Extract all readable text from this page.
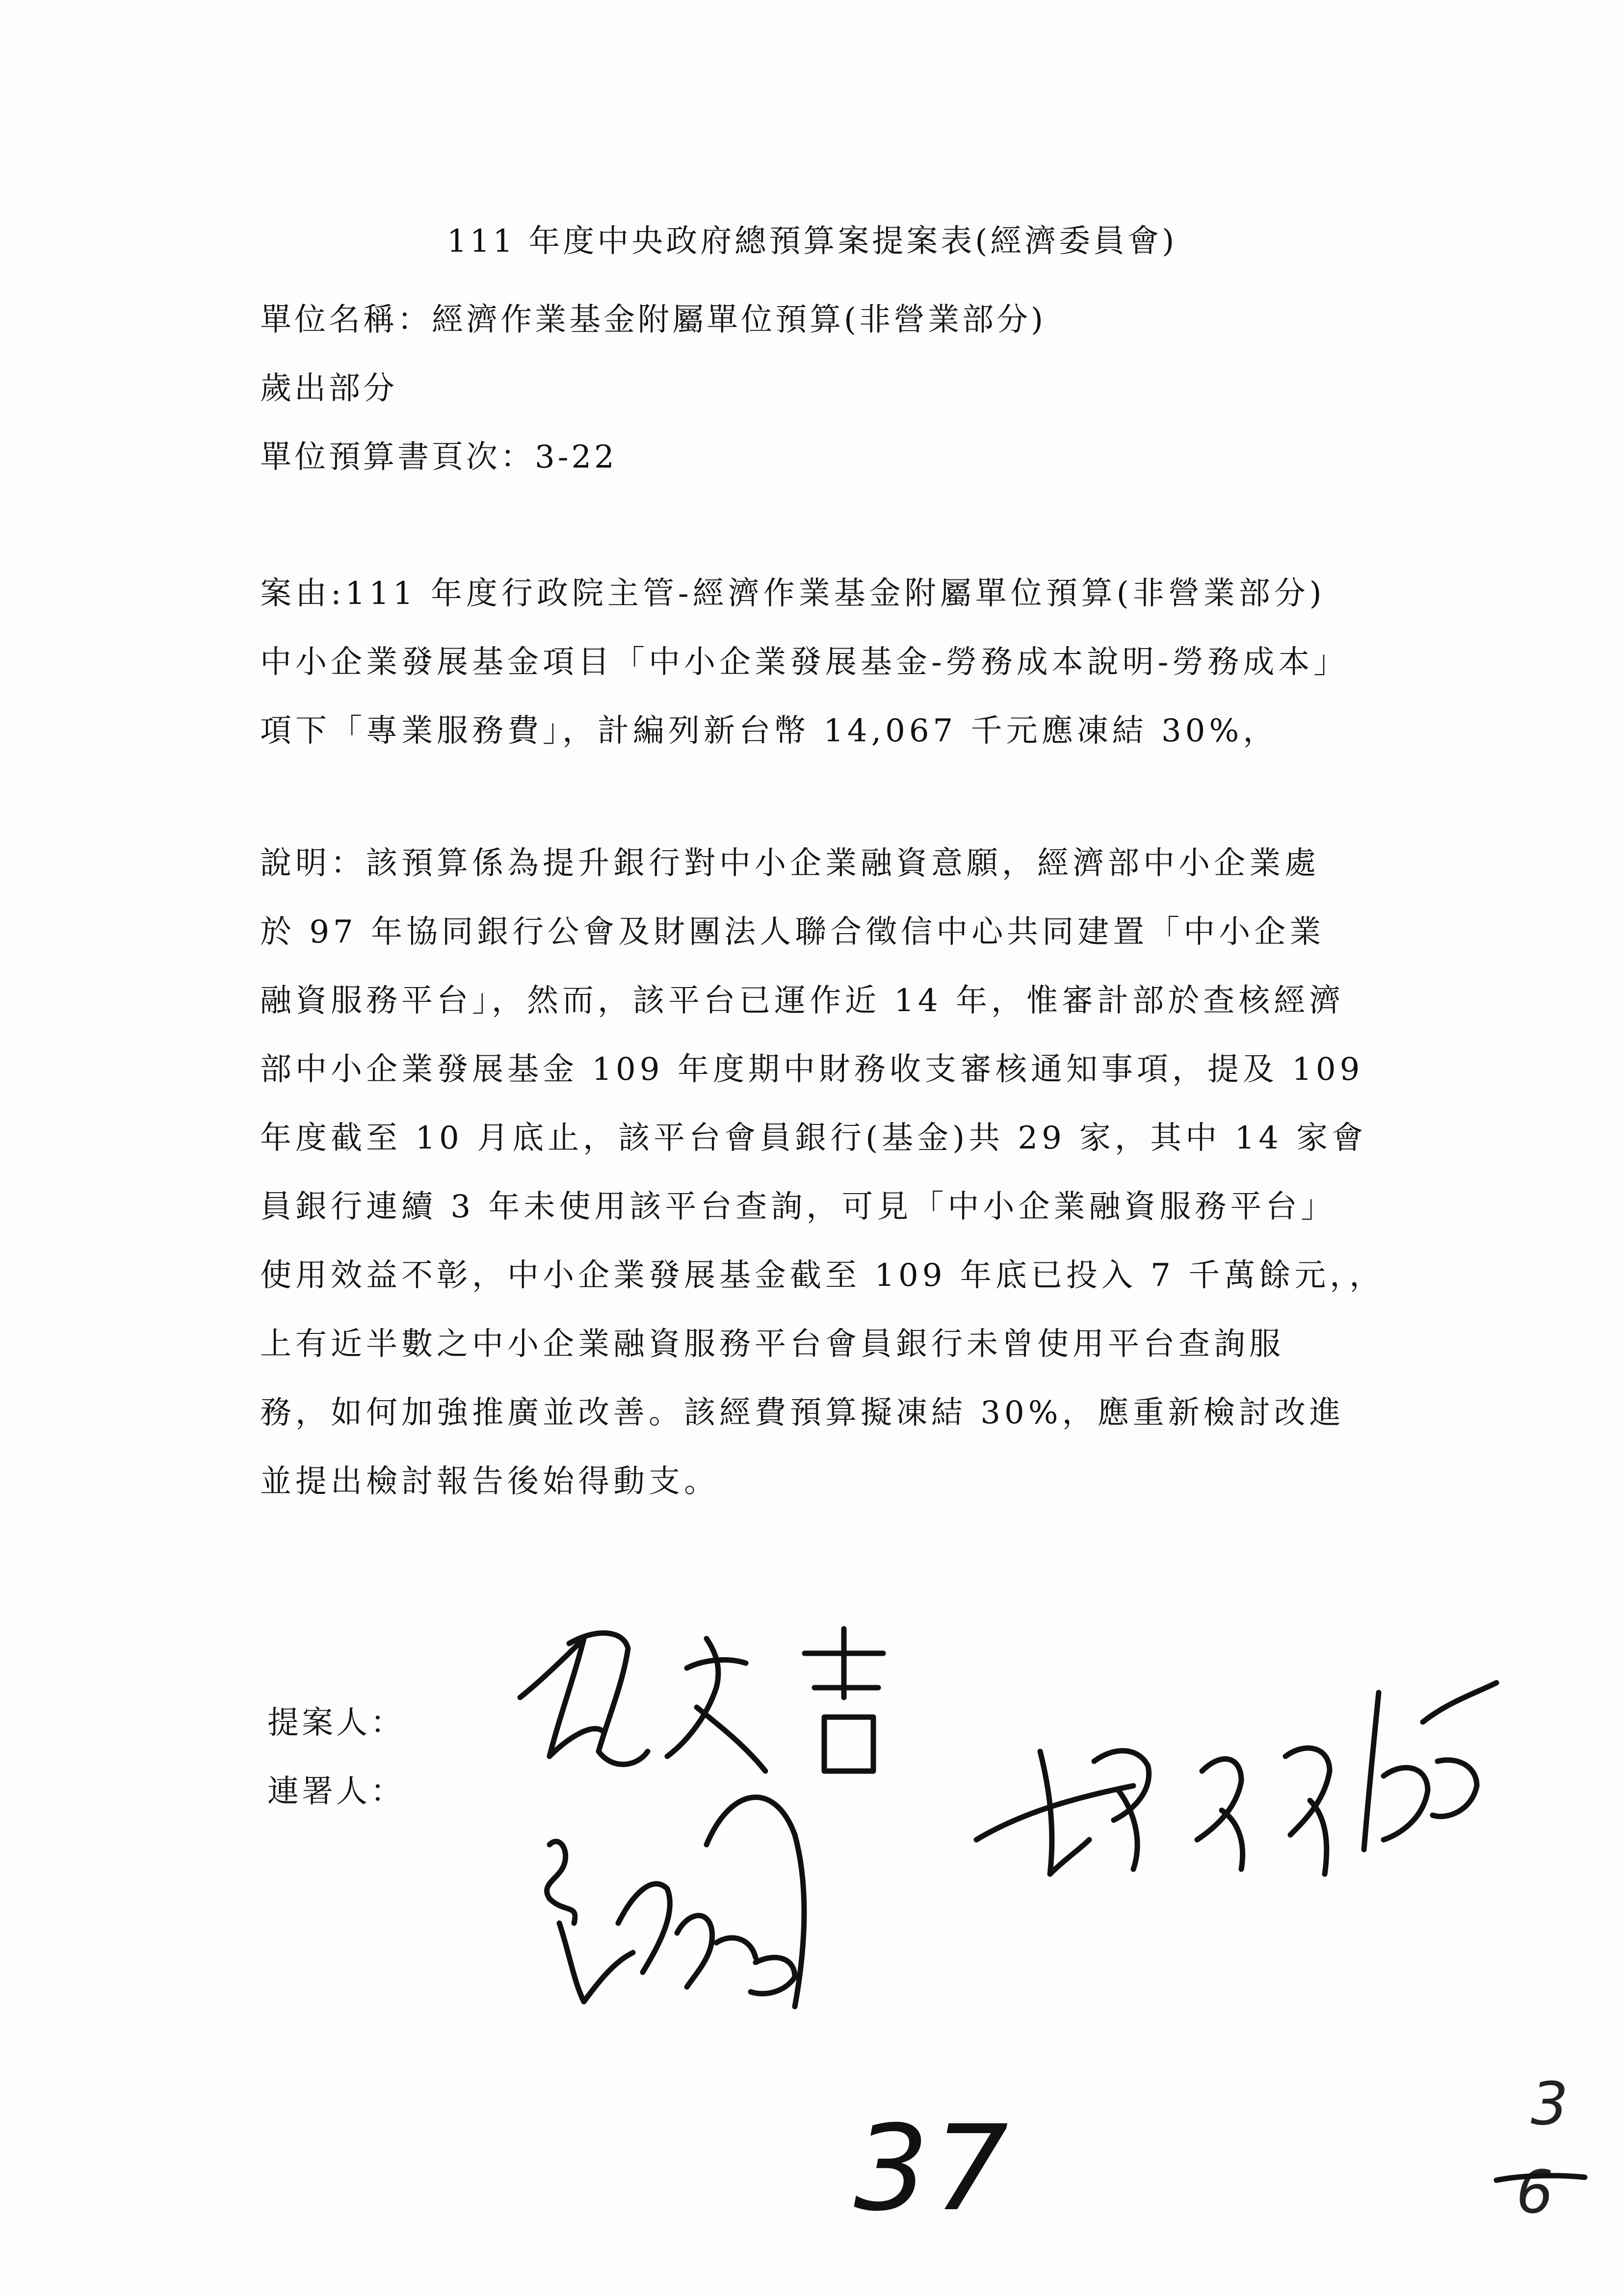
111 年度中央政府總預算案提案表(經濟委員會)
單位名稱：經濟作業基金附屬單位預算(非營業部分)
歲出部分
單位預算書頁次：3-22
案由:111 年度行政院主管-經濟作業基金附屬單位預算(非營業部分)
中小企業發展基金項目「中小企業發展基金-勞務成本說明-勞務成本」
項下「專業服務費」，計編列新台幣 14,067 千元應凍結 30%，
說明：該預算係為提升銀行對中小企業融資意願，經濟部中小企業處
於 97 年協同銀行公會及財團法人聯合徵信中心共同建置「中小企業
融資服務平台」，然而，該平台已運作近 14 年，惟審計部於查核經濟
部中小企業發展基金 109 年度期中財務收支審核通知事項，提及 109
年度截至 10 月底止，該平台會員銀行(基金)共 29 家，其中 14 家會
員銀行連續 3 年未使用該平台查詢，可見「中小企業融資服務平台」
使用效益不彰，中小企業發展基金截至 109 年底已投入 7 千萬餘元，，
上有近半數之中小企業融資服務平台會員銀行未曾使用平台查詢服
務，如何加強推廣並改善。該經費預算擬凍結 30%，應重新檢討改進
並提出檢討報告後始得動支。
提案人：
連署人：
37	3
6
